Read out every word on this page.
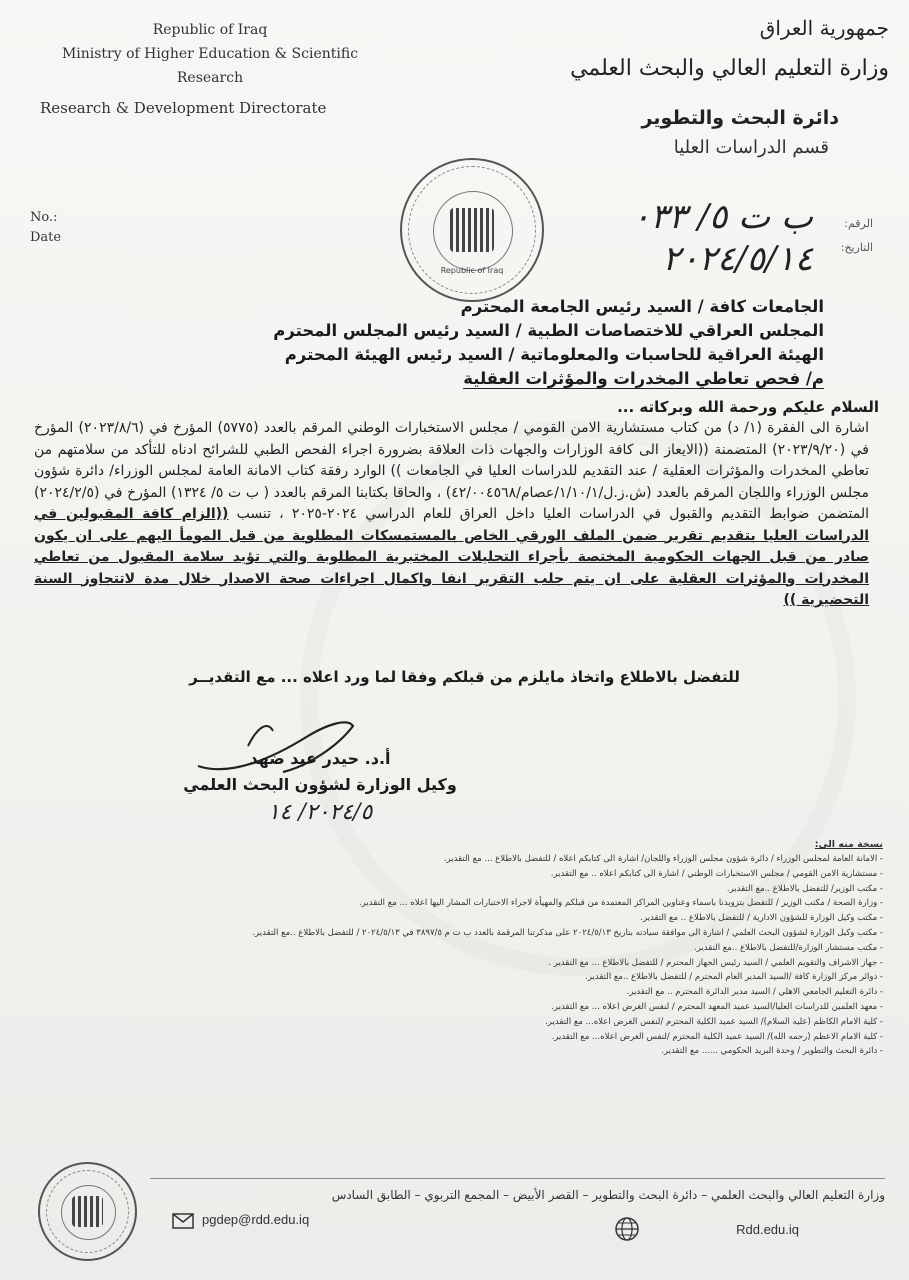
Republic of Iraq
Ministry of Higher Education & Scientific
Research
Research & Development Directorate
جمهورية العراق
وزارة التعليم العالي والبحث العلمي
دائرة البحث والتطوير
قسم الدراسات العليا
Republic of Iraq
No.:
Date
الرقم:
التاريخ:
ب ت ٥/ ٠٣٣
٢٠٢٤/٥/١٤
الجامعات كافة / السيد رئيس الجامعة المحترم
المجلس العراقي للاختصاصات الطبية / السيد رئيس المجلس المحترم
الهيئة العراقية للحاسبات والمعلوماتية / السيد رئيس الهيئة المحترم
م/ فحص تعاطي المخدرات والمؤثرات العقلية
السلام عليكم ورحمة الله وبركاته ...
اشارة الى الفقرة (١/ د) من كتاب مستشارية الامن القومي / مجلس الاستخبارات الوطني المرقم بالعدد (٥٧٧٥) المؤرخ في (٢٠٢٣/٨/٦) المؤرخ في (٢٠٢٣/٩/٢٠) المتضمنة ((الايعاز الى كافة الوزارات والجهات ذات العلاقة بضرورة اجراء الفحص الطبي للشرائح ادناه للتأكد من سلامتهم من تعاطي المخدرات والمؤثرات العقلية / عند التقديم للدراسات العليا في الجامعات )) الوارد رفقة كتاب الامانة العامة لمجلس الوزراء/ دائرة شؤون مجلس الوزراء واللجان المرقم بالعدد (ش.ز.ل/١/١٠/١/عصام/٤٢/٠٠٤٥٦٨) ، والحاقا بكتابنا المرقم بالعدد ( ب ت ٥/ ١٣٢٤) المؤرخ في (٢٠٢٤/٢/٥) المتضمن ضوابط التقديم والقبول في الدراسات العليا داخل العراق للعام الدراسي ٢٠٢٤-٢٠٢٥ ، تنسب ((الزام كافة المقبولين في الدراسات العليا بتقديم تقرير ضمن الملف الورقي الخاص بالمستمسكات المطلوبة من قبل المومأ اليهم على ان يكون صادر من قبل الجهات الحكومية المختصة بأجراء التحليلات المختبرية المطلوبة والتي تؤيد سلامة المقبول من تعاطي المخدرات والمؤثرات العقلية على ان يتم جلب التقرير انفا واكمال اجراءات صحة الاصدار خلال مدة لاتتجاوز السنة التحضيرية ))
للتفضل بالاطلاع واتخاذ مايلزم من قبلكم وفقا لما ورد اعلاه ... مع التقديــر
أ.د. حيدر عبد ضهد
وكيل الوزارة لشؤون البحث العلمي
٢٠٢٤/٥/ ١٤
نسخة منه الى:
- الامانة العامة لمجلس الوزراء / دائرة شؤون مجلس الوزراء واللجان/ اشارة الى كتابكم اعلاه / للتفضل بالاطلاع ... مع التقدير.
- مستشارية الامن القومي / مجلس الاستخبارات الوطني / اشارة الى كتابكم اعلاه .. مع التقدير.
- مكتب الوزير/ للتفضل بالاطلاع ..مع التقدير.
- وزارة الصحة / مكتب الوزير / للتفضل بتزويدنا باسماء وعناوين المراكز المعتمدة من قبلكم والمهيأة لاجراء الاختبارات المشار اليها اعلاه ... مع التقدير.
- مكتب وكيل الوزارة للشؤون الادارية / للتفضل بالاطلاع .. مع التقدير.
- مكتب وكيل الوزارة لشؤون البحث العلمي / اشارة الى موافقة سيادته بتاريخ ٢٠٢٤/٥/١٣ على مذكرتنا المرقمة بالعدد ب ت م ٣٨٩٧/٥ في ٢٠٢٤/٥/١٣ / للتفضل بالاطلاع ..مع التقدير.
- مكتب مستشار الوزارة/للتفضل بالاطلاع ..مع التقدير.
- جهاز الاشراف والتقويم العلمي / السيد رئيس الجهاز المحترم / للتفضل بالاطلاع ... مع التقدير .
- دوائر مركز الوزارة كافة /السيد المدير العام المحترم / للتفضل بالاطلاع ..مع التقدير.
- دائرة التعليم الجامعي الاهلي / السيد مدير الدائرة المحترم .. مع التقدير.
- معهد العلمين للدراسات العليا/السيد عميد المعهد المحترم / لنفس الغرض اعلاه ... مع التقدير.
- كلية الامام الكاظم (عليه السلام)/ السيد عميد الكلية المحترم /لنفس الغرض اعلاه... مع التقدير.
- كلية الامام الاعظم (رحمه الله)/ السيد عميد الكلية المحترم /لنفس الغرض اعلاه... مع التقدير.
- دائرة البحث والتطوير / وحدة البريد الحكومي ...... مع التقدير.
وزارة التعليم العالي والبحث العلمي – دائرة البحث والتطوير – القصر الأبيض – المجمع التربوي – الطابق السادس
pgdep@rdd.edu.iq
Rdd.edu.iq
